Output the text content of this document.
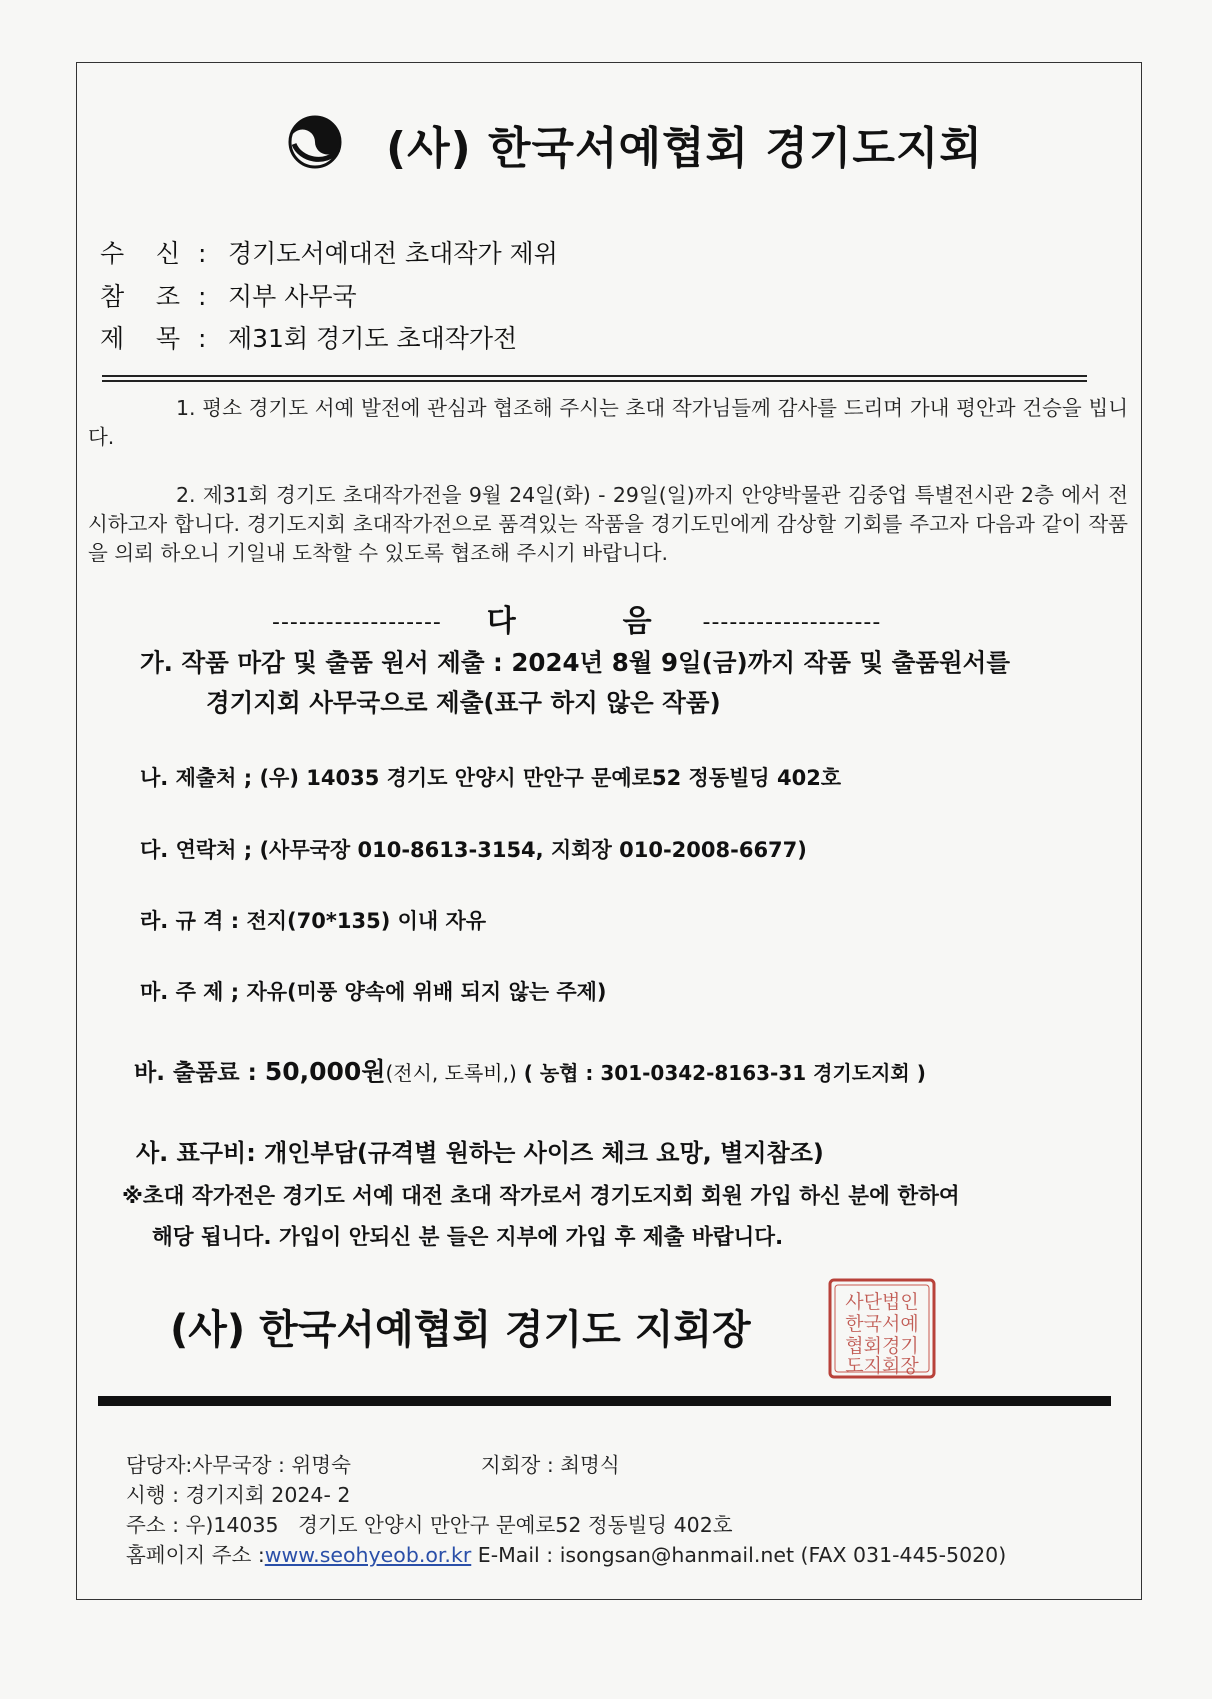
(사) 한국서예협회 경기도지회
수    신 : 경기도서예대전 초대작가 제위
참    조 : 지부 사무국
제    목 : 제31회 경기도 초대작가전
1. 평소 경기도 서예 발전에 관심과 협조해 주시는 초대 작가님들께 감사를 드리며 가내 평안과 건승을 빕니다.
2. 제31회 경기도 초대작가전을 9월 24일(화) - 29일(일)까지 안양박물관 김중업 특별전시관 2층 에서 전시하고자 합니다. 경기도지회 초대작가전으로 품격있는 작품을 경기도민에게 감상할 기회를 주고자 다음과 같이 작품을 의뢰 하오니 기일내 도착할 수 있도록 협조해 주시기 바랍니다.
------------------- 다	음 --------------------
가. 작품 마감 및 출품 원서 제출 : 2024년 8월 9일(금)까지 작품 및 출품원서를
경기지회 사무국으로 제출(표구 하지 않은 작품)
나. 제출처 ; (우) 14035 경기도 안양시 만안구 문예로52 정동빌딩 402호
다. 연락처 ; (사무국장 010-8613-3154, 지회장 010-2008-6677)
라. 규 격 : 전지(70*135) 이내 자유
마. 주 제 ; 자유(미풍 양속에 위배 되지 않는 주제)
바. 출품료 : 50,000원(전시, 도록비,) ( 농협 : 301-0342-8163-31 경기도지회 )
사. 표구비: 개인부담(규격별 원하는 사이즈 체크 요망, 별지참조)
※초대 작가전은 경기도 서예 대전 초대 작가로서 경기도지회 회원 가입 하신 분에 한하여
해당 됩니다. 가입이 안되신 분 들은 지부에 가입 후 제출 바랍니다.
(사) 한국서예협회 경기도 지회장
사단법인
한국서예
협회경기
도지회장
담당자:사무국장 : 위명숙	지회장 : 최명식
시행 : 경기지회 2024- 2
주소 : 우)14035   경기도 안양시 만안구 문예로52 정동빌딩 402호
홈페이지 주소 :www.seohyeob.or.kr E-Mail : isongsan@hanmail.net (FAX 031-445-5020)
